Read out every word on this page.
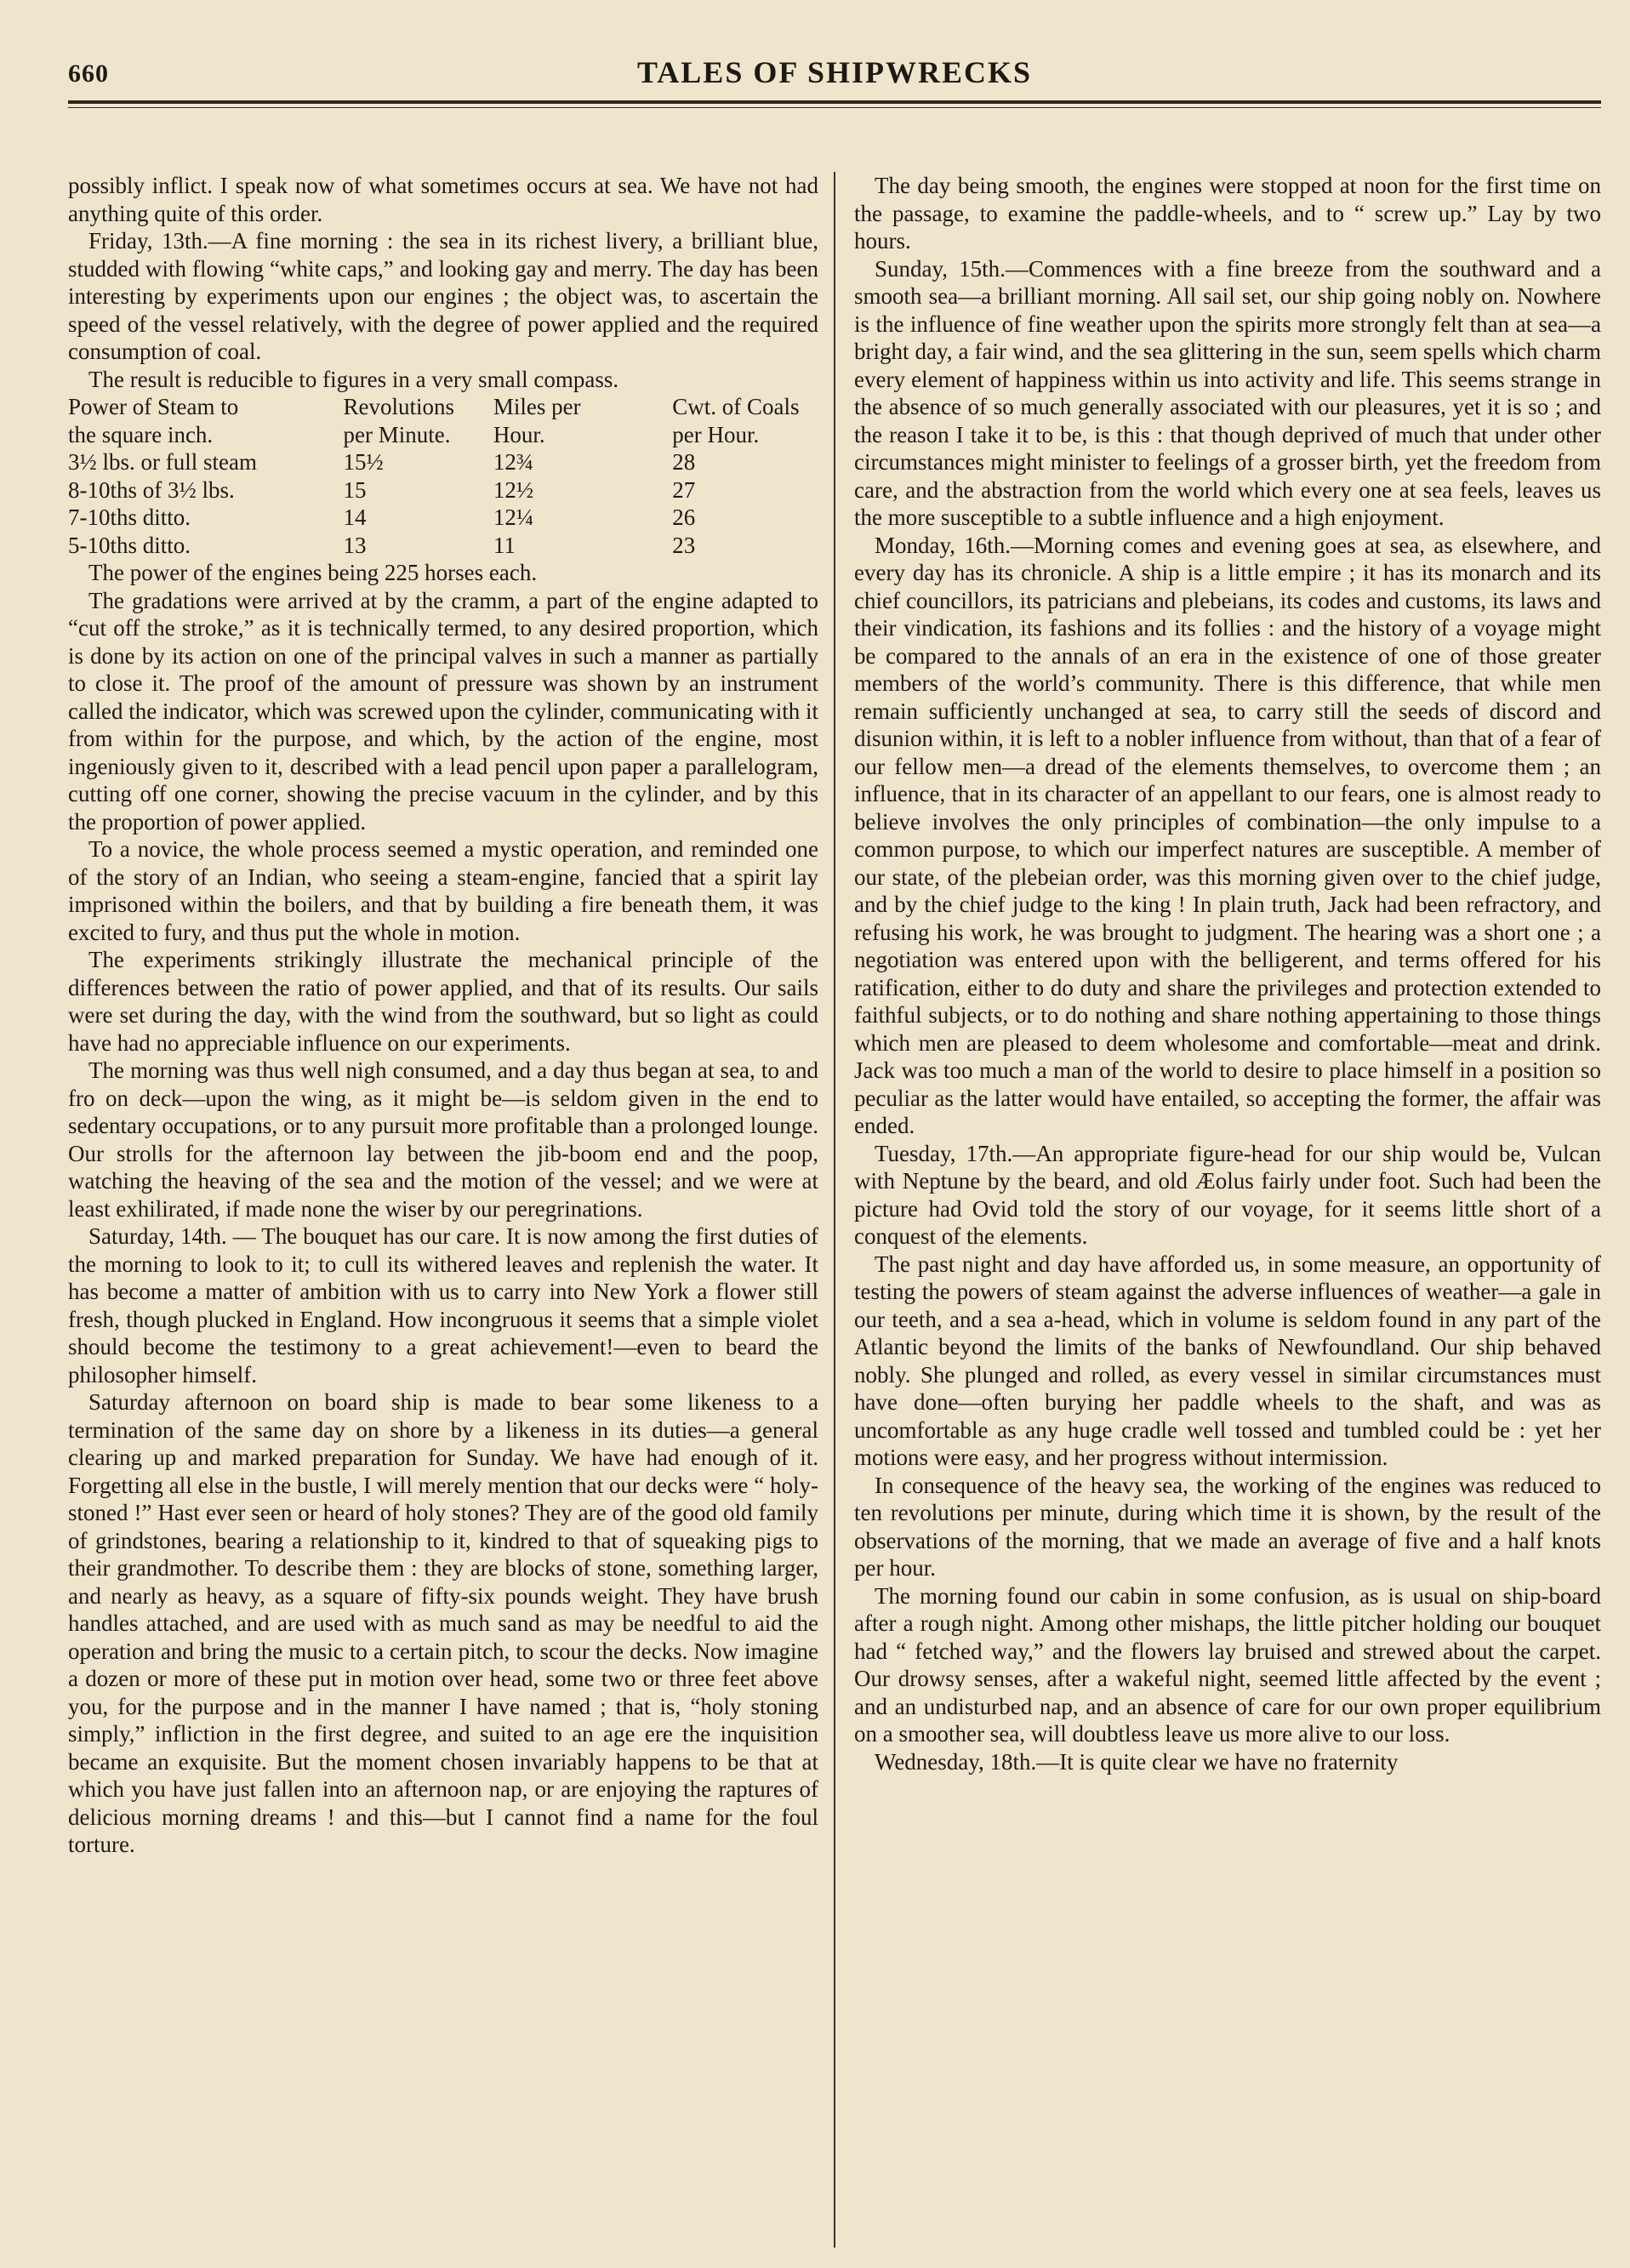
660	TALES OF SHIPWRECKS

possibly inflict. I speak now of what sometimes occurs at sea. We have not had anything quite of this order.

Friday, 13th.—A fine morning : the sea in its richest livery, a brilliant blue, studded with flowing “white caps,” and looking gay and merry. The day has been interesting by experiments upon our engines ; the object was, to ascertain the speed of the vessel relatively, with the degree of power applied and the required consumption of coal.

The result is reducible to figures in a very small compass.

Power of Steam to	Revolutions	Miles per	Cwt. of Coals
the square inch.	per Minute.	Hour.	per Hour.
3½ lbs. or full steam	15½	12¾	28
8-10ths of 3½ lbs.	15	12½	27
7-10ths ditto.	14	12¼	26
5-10ths ditto.	13	11	23

The power of the engines being 225 horses each.

The gradations were arrived at by the cramm, a part of the engine adapted to “cut off the stroke,” as it is technically termed, to any desired proportion, which is done by its action on one of the principal valves in such a manner as partially to close it. The proof of the amount of pressure was shown by an instrument called the indicator, which was screwed upon the cylinder, communicating with it from within for the purpose, and which, by the action of the engine, most ingeniously given to it, described with a lead pencil upon paper a parallelogram, cutting off one corner, showing the precise vacuum in the cylinder, and by this the proportion of power applied.

To a novice, the whole process seemed a mystic operation, and reminded one of the story of an Indian, who seeing a steam-engine, fancied that a spirit lay imprisoned within the boilers, and that by building a fire beneath them, it was excited to fury, and thus put the whole in motion.

The experiments strikingly illustrate the mechanical principle of the differences between the ratio of power applied, and that of its results. Our sails were set during the day, with the wind from the southward, but so light as could have had no appreciable influence on our experiments.

The morning was thus well nigh consumed, and a day thus began at sea, to and fro on deck—upon the wing, as it might be—is seldom given in the end to sedentary occupations, or to any pursuit more profitable than a prolonged lounge. Our strolls for the afternoon lay between the jib-boom end and the poop, watching the heaving of the sea and the motion of the vessel; and we were at least exhilirated, if made none the wiser by our peregrinations.

Saturday, 14th. — The bouquet has our care. It is now among the first duties of the morning to look to it; to cull its withered leaves and replenish the water. It has become a matter of ambition with us to carry into New York a flower still fresh, though plucked in England. How incongruous it seems that a simple violet should become the testimony to a great achievement!—even to beard the philosopher himself.

Saturday afternoon on board ship is made to bear some likeness to a termination of the same day on shore by a likeness in its duties—a general clearing up and marked preparation for Sunday. We have had enough of it. Forgetting all else in the bustle, I will merely mention that our decks were “ holy-stoned !” Hast ever seen or heard of holy stones? They are of the good old family of grindstones, bearing a relationship to it, kindred to that of squeaking pigs to their grandmother. To describe them : they are blocks of stone, something larger, and nearly as heavy, as a square of fifty-six pounds weight. They have brush handles attached, and are used with as much sand as may be needful to aid the operation and bring the music to a certain pitch, to scour the decks. Now imagine a dozen or more of these put in motion over head, some two or three feet above you, for the purpose and in the manner I have named ; that is, “holy stoning simply,” infliction in the first degree, and suited to an age ere the inquisition became an exquisite. But the moment chosen invariably happens to be that at which you have just fallen into an afternoon nap, or are enjoying the raptures of delicious morning dreams ! and this—but I cannot find a name for the foul torture.

The day being smooth, the engines were stopped at noon for the first time on the passage, to examine the paddle-wheels, and to “ screw up.” Lay by two hours.

Sunday, 15th.—Commences with a fine breeze from the southward and a smooth sea—a brilliant morning. All sail set, our ship going nobly on. Nowhere is the influence of fine weather upon the spirits more strongly felt than at sea—a bright day, a fair wind, and the sea glittering in the sun, seem spells which charm every element of happiness within us into activity and life. This seems strange in the absence of so much generally associated with our pleasures, yet it is so ; and the reason I take it to be, is this : that though deprived of much that under other circumstances might minister to feelings of a grosser birth, yet the freedom from care, and the abstraction from the world which every one at sea feels, leaves us the more susceptible to a subtle influence and a high enjoyment.

Monday, 16th.—Morning comes and evening goes at sea, as elsewhere, and every day has its chronicle. A ship is a little empire ; it has its monarch and its chief councillors, its patricians and plebeians, its codes and customs, its laws and their vindication, its fashions and its follies : and the history of a voyage might be compared to the annals of an era in the existence of one of those greater members of the world’s community. There is this difference, that while men remain sufficiently unchanged at sea, to carry still the seeds of discord and disunion within, it is left to a nobler influence from without, than that of a fear of our fellow men—a dread of the elements themselves, to overcome them ; an influence, that in its character of an appellant to our fears, one is almost ready to believe involves the only principles of combination—the only impulse to a common purpose, to which our imperfect natures are susceptible. A member of our state, of the plebeian order, was this morning given over to the chief judge, and by the chief judge to the king ! In plain truth, Jack had been refractory, and refusing his work, he was brought to judgment. The hearing was a short one ; a negotiation was entered upon with the belligerent, and terms offered for his ratification, either to do duty and share the privileges and protection extended to faithful subjects, or to do nothing and share nothing appertaining to those things which men are pleased to deem wholesome and comfortable—meat and drink. Jack was too much a man of the world to desire to place himself in a position so peculiar as the latter would have entailed, so accepting the former, the affair was ended.

Tuesday, 17th.—An appropriate figure-head for our ship would be, Vulcan with Neptune by the beard, and old Æolus fairly under foot. Such had been the picture had Ovid told the story of our voyage, for it seems little short of a conquest of the elements.

The past night and day have afforded us, in some measure, an opportunity of testing the powers of steam against the adverse influences of weather—a gale in our teeth, and a sea a-head, which in volume is seldom found in any part of the Atlantic beyond the limits of the banks of Newfoundland. Our ship behaved nobly. She plunged and rolled, as every vessel in similar circumstances must have done—often burying her paddle wheels to the shaft, and was as uncomfortable as any huge cradle well tossed and tumbled could be : yet her motions were easy, and her progress without intermission.

In consequence of the heavy sea, the working of the engines was reduced to ten revolutions per minute, during which time it is shown, by the result of the observations of the morning, that we made an average of five and a half knots per hour.

The morning found our cabin in some confusion, as is usual on ship-board after a rough night. Among other mishaps, the little pitcher holding our bouquet had “ fetched way,” and the flowers lay bruised and strewed about the carpet. Our drowsy senses, after a wakeful night, seemed little affected by the event ; and an undisturbed nap, and an absence of care for our own proper equilibrium on a smoother sea, will doubtless leave us more alive to our loss.

Wednesday, 18th.—It is quite clear we have no fraternity
